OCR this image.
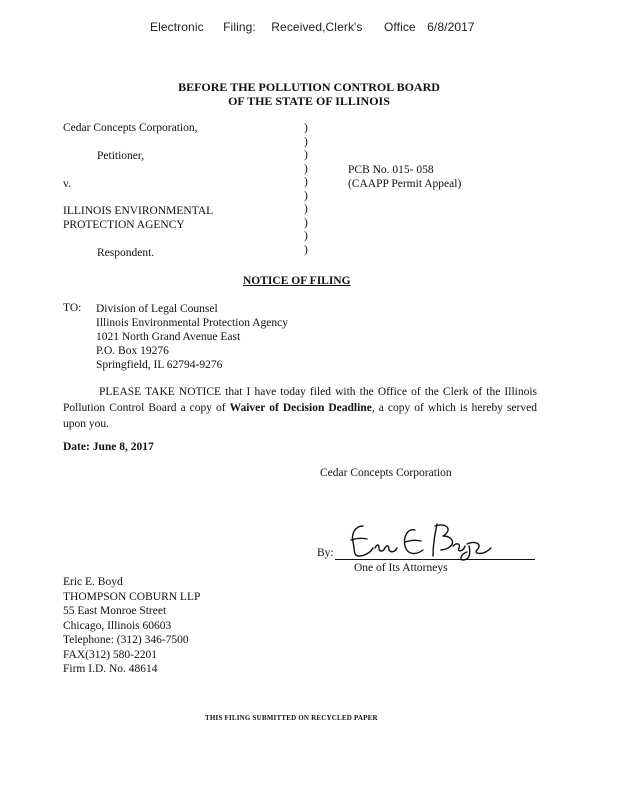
Electronic Filing: Received,Clerk's Office 6/8/2017
BEFORE THE POLLUTION CONTROL BOARD
OF THE STATE OF ILLINOIS
Cedar Concepts Corporation,
Petitioner,
v.
ILLINOIS ENVIRONMENTAL
PROTECTION AGENCY
Respondent.
)
)
)
)
)
)
)
)
)
)
PCB No. 015- 058
(CAAPP Permit Appeal)
NOTICE OF FILING
TO: Division of Legal Counsel
Illinois Environmental Protection Agency
1021 North Grand Avenue East
P.O. Box 19276
Springfield, IL 62794-9276
PLEASE TAKE NOTICE that I have today filed with the Office of the Clerk of the Illinois Pollution Control Board a copy of Waiver of Decision Deadline, a copy of which is hereby served upon you.
Date: June 8, 2017
Cedar Concepts Corporation
By:
One of Its Attorneys
Eric E. Boyd
THOMPSON COBURN LLP
55 East Monroe Street
Chicago, Illinois 60603
Telephone: (312) 346-7500
FAX(312) 580-2201
Firm I.D. No. 48614
THIS FILING SUBMITTED ON RECYCLED PAPER
